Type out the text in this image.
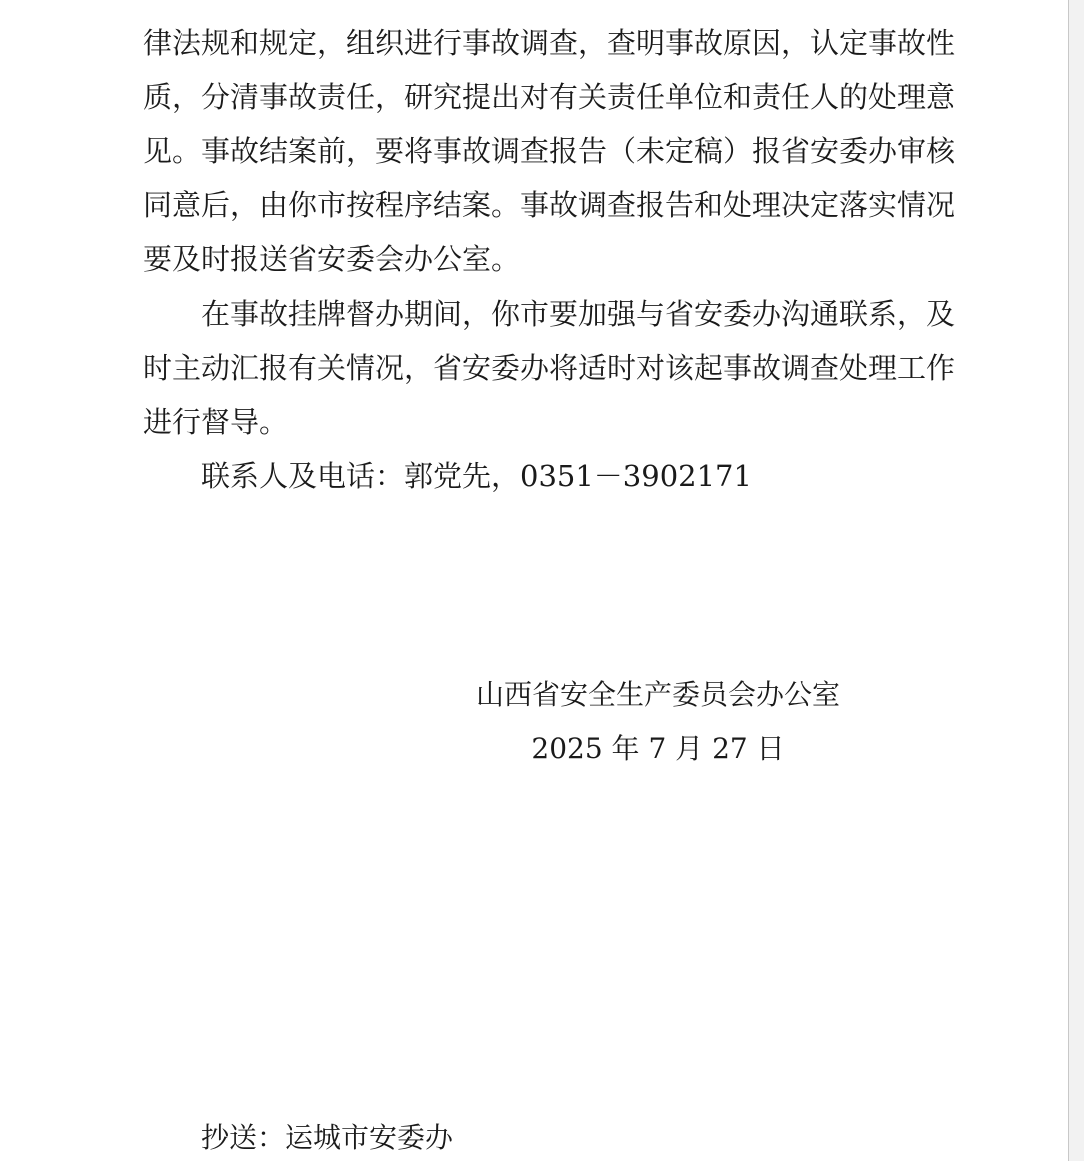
律法规和规定，组织进行事故调查，查明事故原因，认定事故性
质，分清事故责任，研究提出对有关责任单位和责任人的处理意
见。事故结案前，要将事故调查报告（未定稿）报省安委办审核
同意后，由你市按程序结案。事故调查报告和处理决定落实情况
要及时报送省安委会办公室。
在事故挂牌督办期间，你市要加强与省安委办沟通联系，及
时主动汇报有关情况，省安委办将适时对该起事故调查处理工作
进行督导。
联系人及电话：郭党先，0351－3902171
山西省安全生产委员会办公室
2025 年 7 月 27 日
抄送：运城市安委办
